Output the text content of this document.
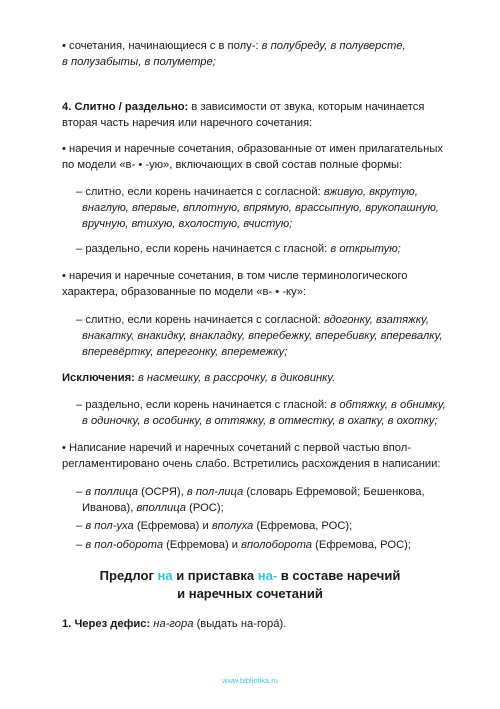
• сочетания, начинающиеся с в полу-: в полубреду, в полуверсте,
в полузабыты, в полуметре;

4. Слитно / раздельно: в зависимости от звука, которым начинается
вторая часть наречия или наречного сочетания:

• наречия и наречные сочетания, образованные от имен прилагательных
по модели «в- • -ую», включающих в свой состав полные формы:

– слитно, если корень начинается с согласной: вживую, вкрутую,

внаглую, впервые, вплотную, впрямую, врассыпную, врукопашную,
вручную, втихую, вхолостую, вчистую;

– раздельно, если корень начинается с гласной: в открытую;

• наречия и наречные сочетания, в том числе терминологического
характера, образованные по модели «в- • -ку»:

– слитно, если корень начинается с согласной: вдогонку, взатяжку,

внакатку, внакидку, внакладку, вперебежку, вперебивку, вперевалку,
вперевёртку, вперегонку, вперемежку;

Исключения: в насмешку, в рассрочку, в диковинку.

– раздельно, если корень начинается с гласной: в обтяжку, в обнимку,

в одиночку, в особинку, в оттяжку, в отместку, в охапку, в охотку;

• Написание наречий и наречных сочетаний с первой частью впол-
регламентировано очень слабо. Встретились расхождения в написании:

– в поллица (ОСРЯ), в пол-лица (словарь Ефремовой; Бешенкова,

Иванова), вполлица (РОС);

– в пол-уха (Ефремова) и вполуха (Ефремова, РОС);

– в пол-оборота (Ефремова) и вполоборота (Ефремова, РОС);

Предлог на и приставка на- в составе наречий
и наречных сочетаний

1. Через дефис: на-гора (выдать на-гора́).

www.bibliotika.ru
